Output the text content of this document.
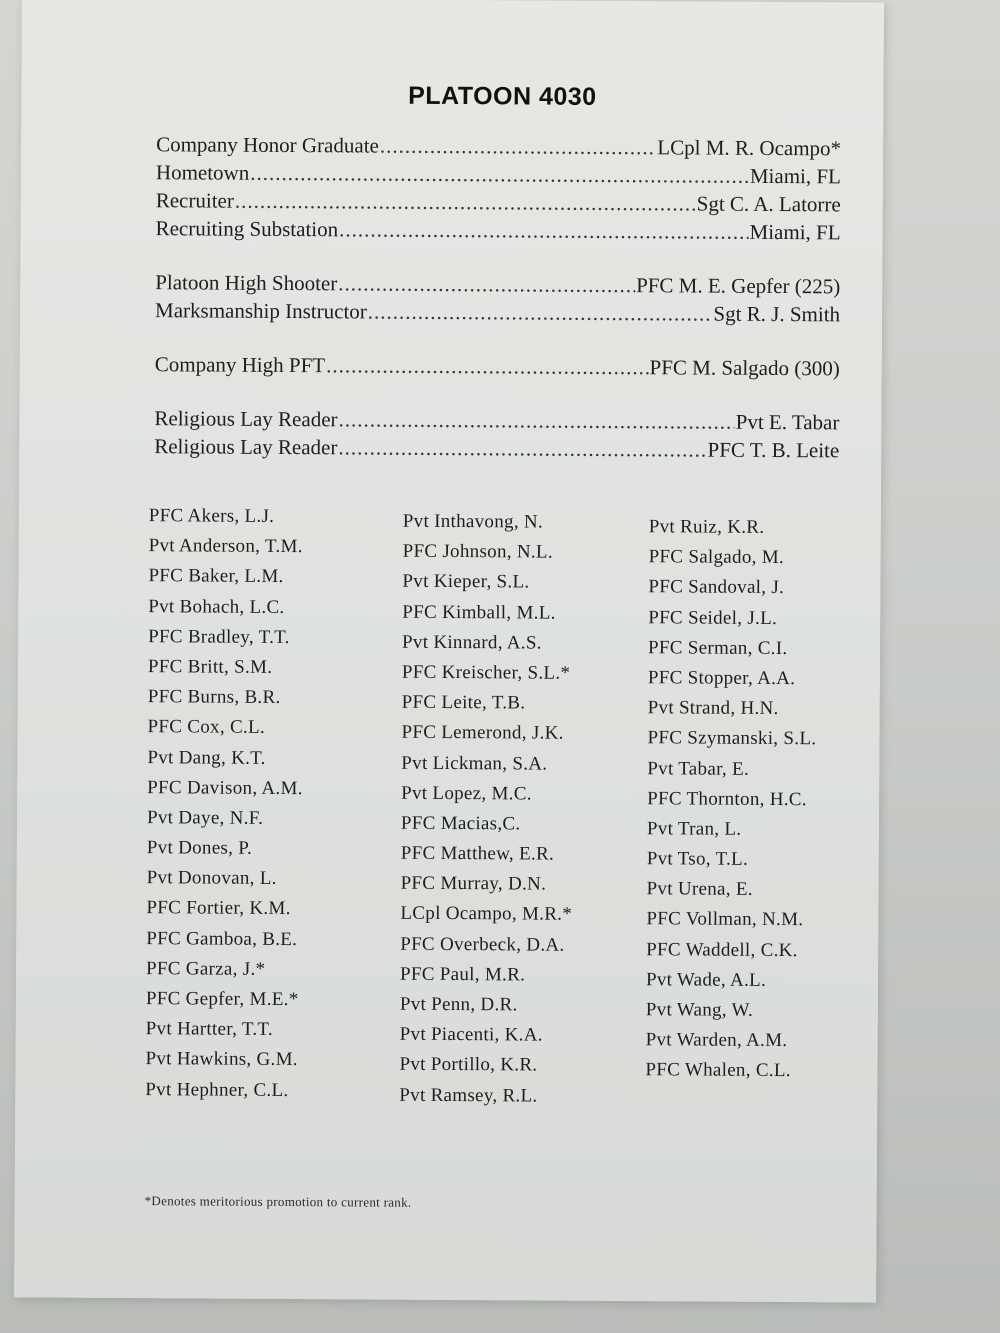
PLATOON 4030
Company Honor Graduate .....	LCpl M. R. Ocampo*
Hometown .....	Miami, FL
Recruiter .....	Sgt C. A. Latorre
Recruiting Substation .....	Miami, FL
Platoon High Shooter .....	PFC M. E. Gepfer (225)
Marksmanship Instructor .....	Sgt R. J. Smith
Company High PFT .....	PFC M. Salgado (300)
Religious Lay Reader .....	Pvt E. Tabar
Religious Lay Reader .....	PFC T. B. Leite
PFC Akers, L.J.
Pvt Anderson, T.M.
PFC Baker, L.M.
Pvt Bohach, L.C.
PFC Bradley, T.T.
PFC Britt, S.M.
PFC Burns, B.R.
PFC Cox, C.L.
Pvt Dang, K.T.
PFC Davison, A.M.
Pvt Daye, N.F.
Pvt Dones, P.
Pvt Donovan, L.
PFC Fortier, K.M.
PFC Gamboa, B.E.
PFC Garza, J.*
PFC Gepfer, M.E.*
Pvt Hartter, T.T.
Pvt Hawkins, G.M.
Pvt Hephner, C.L.
Pvt Inthavong, N.
PFC Johnson, N.L.
Pvt Kieper, S.L.
PFC Kimball, M.L.
Pvt Kinnard, A.S.
PFC Kreischer, S.L.*
PFC Leite, T.B.
PFC Lemerond, J.K.
Pvt Lickman, S.A.
Pvt Lopez, M.C.
PFC Macias,C.
PFC Matthew, E.R.
PFC Murray, D.N.
LCpl Ocampo, M.R.*
PFC Overbeck, D.A.
PFC Paul, M.R.
Pvt Penn, D.R.
Pvt Piacenti, K.A.
Pvt Portillo, K.R.
Pvt Ramsey, R.L.
Pvt Ruiz, K.R.
PFC Salgado, M.
PFC Sandoval, J.
PFC Seidel, J.L.
PFC Serman, C.I.
PFC Stopper, A.A.
Pvt Strand, H.N.
PFC Szymanski, S.L.
Pvt Tabar, E.
PFC Thornton, H.C.
Pvt Tran, L.
Pvt Tso, T.L.
Pvt Urena, E.
PFC Vollman, N.M.
PFC Waddell, C.K.
Pvt Wade, A.L.
Pvt Wang, W.
Pvt Warden, A.M.
PFC Whalen, C.L.
*Denotes meritorious promotion to current rank.
